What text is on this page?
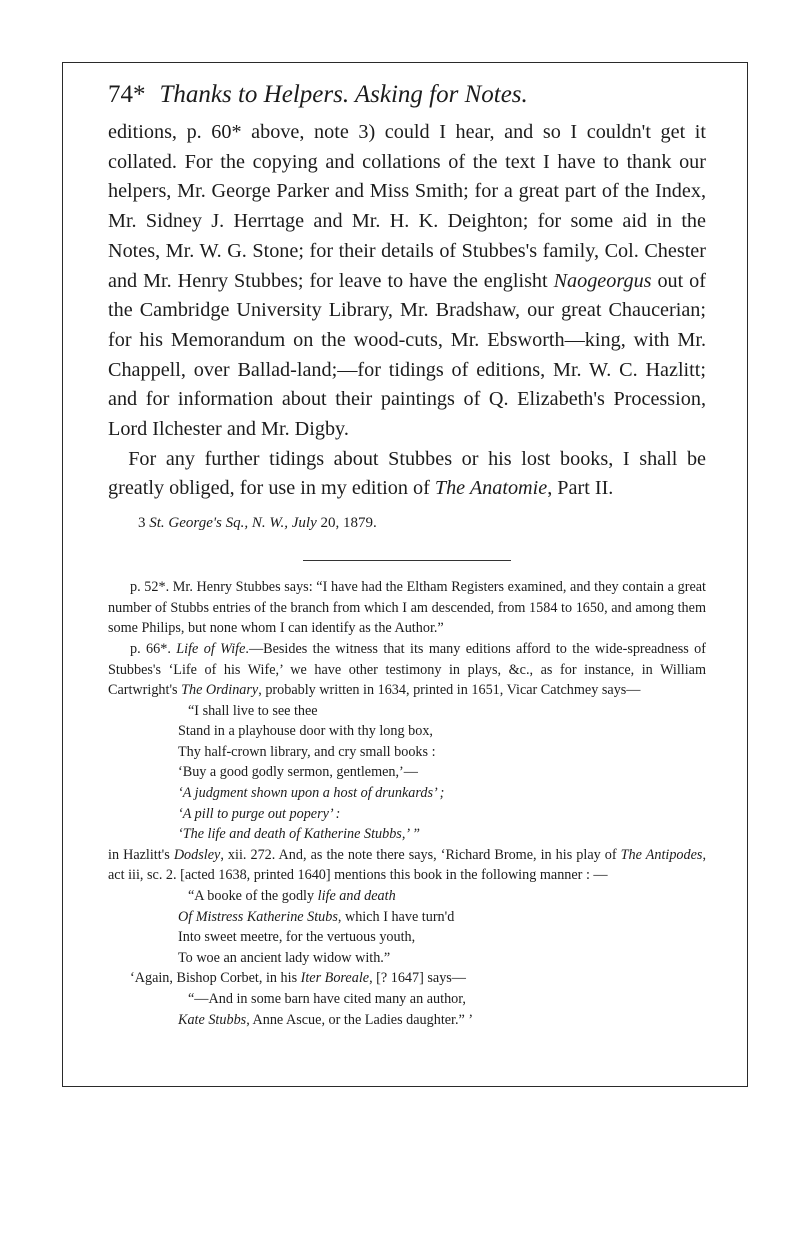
74* Thanks to Helpers. Asking for Notes.

editions, p. 60* above, note 3) could I hear, and so I couldn't get it collated. For the copying and collations of the text I have to thank our helpers, Mr. George Parker and Miss Smith; for a great part of the Index, Mr. Sidney J. Herrtage and Mr. H. K. Deighton; for some aid in the Notes, Mr. W. G. Stone; for their details of Stubbes's family, Col. Chester and Mr. Henry Stubbes; for leave to have the englisht Naogeorgus out of the Cambridge University Library, Mr. Bradshaw, our great Chaucerian; for his Memorandum on the wood-cuts, Mr. Ebsworth—king, with Mr. Chappell, over Ballad-land;—for tidings of editions, Mr. W. C. Hazlitt; and for information about their paintings of Q. Elizabeth's Procession, Lord Ilchester and Mr. Digby.

 For any further tidings about Stubbes or his lost books, I shall be greatly obliged, for use in my edition of The Anatomie, Part II.

  3 St. George's Sq., N. W., July 20, 1879.

p. 52*. Mr. Henry Stubbes says: “I have had the Eltham Registers examined, and they contain a great number of Stubbs entries of the branch from which I am descended, from 1584 to 1650, and among them some Philips, but none whom I can identify as the Author.”

p. 66*. Life of Wife.—Besides the witness that its many editions afford to the wide-spreadness of Stubbes's ‘Life of his Wife,’ we have other testimony in plays, &c., as for instance, in William Cartwright's The Ordinary, probably written in 1634, printed in 1651, Vicar Catchmey says—

“I shall live to see thee
Stand in a playhouse door with thy long box,
Thy half-crown library, and cry small books :
‘Buy a good godly sermon, gentlemen,’—
‘A judgment shown upon a host of drunkards’ ;
‘A pill to purge out popery’ :
‘The life and death of Katherine Stubbs,’ ”

in Hazlitt's Dodsley, xii. 272. And, as the note there says, ‘Richard Brome, in his play of The Antipodes, act iii, sc. 2. [acted 1638, printed 1640] mentions this book in the following manner : —

“A booke of the godly life and death
Of Mistress Katherine Stubs, which I have turn'd
Into sweet meetre, for the vertuous youth,
To woe an ancient lady widow with.”

‘Again, Bishop Corbet, in his Iter Boreale, [? 1647] says—

“—And in some barn have cited many an author,
Kate Stubbs, Anne Ascue, or the Ladies daughter.” ’
